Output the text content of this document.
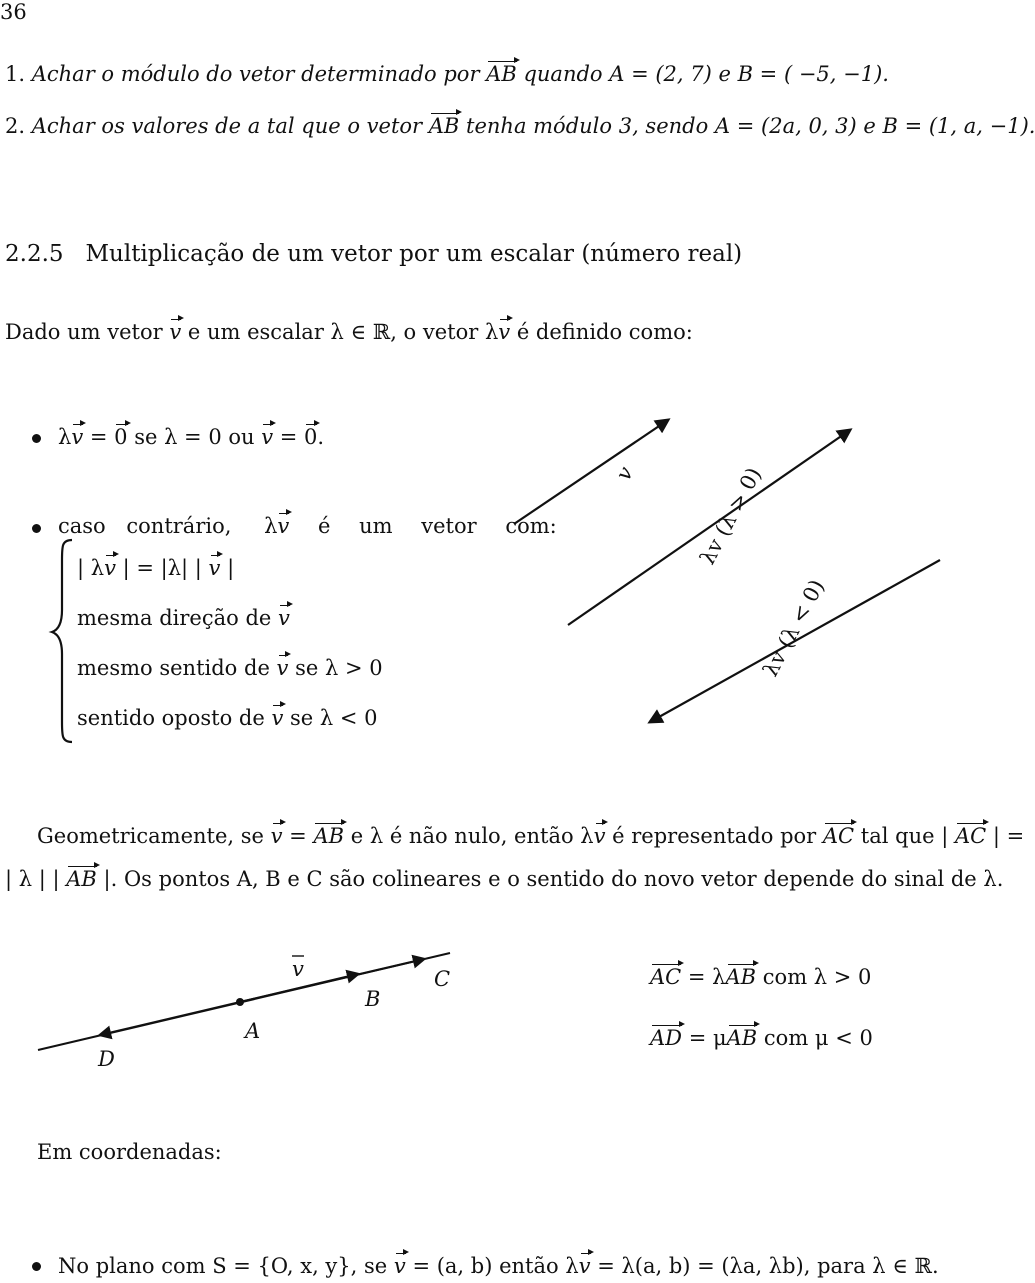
36
1. Achar o módulo do vetor determinado por AB quando A = (2, 7) e B = ( −5, −1).
2. Achar os valores de a tal que o vetor AB tenha módulo 3, sendo A = (2a, 0, 3) e B = (1, a, −1).
2.2.5 Multiplicação de um vetor por um escalar (número real)
Dado um vetor v e um escalar λ ∈ ℝ, o vetor λv é definido como:
λv = 0 se λ = 0 ou v = 0.
caso contrário, λv é um vetor com:
| λv | = |λ| | v |
mesma direção de v
mesmo sentido de v se λ > 0
sentido oposto de v se λ < 0
v	λv (λ > 0)
λv (λ < 0)
Geometricamente, se v = AB e λ é não nulo, então λv é representado por AC tal que | AC | =
| λ | | AB |. Os pontos A, B e C são colineares e o sentido do novo vetor depende do sinal de λ.
v
A
B
C
D
AC = λAB com λ > 0
AD = μAB com μ < 0
Em coordenadas:
No plano com S = {O, x, y}, se v = (a, b) então λv = λ(a, b) = (λa, λb), para λ ∈ ℝ.
